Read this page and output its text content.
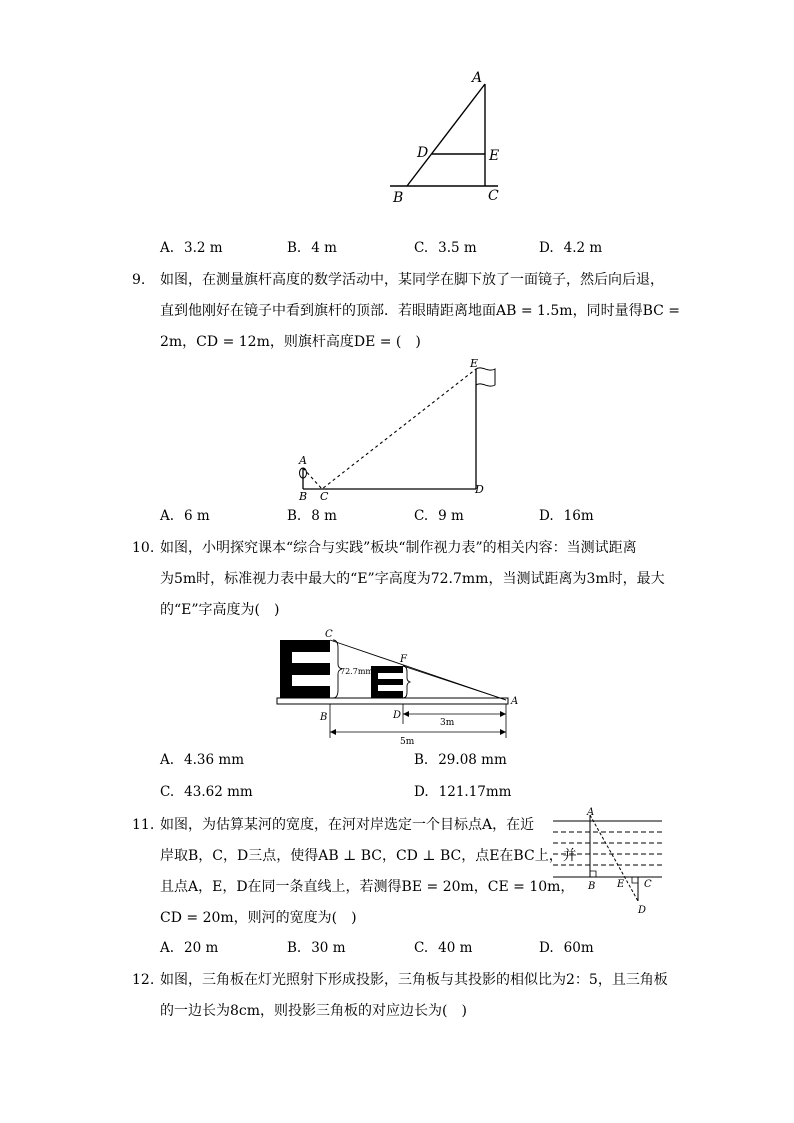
A
D	E
B	C
A. 3.2 m	B. 4 m	C. 3.5 m	D. 4.2 m
9.	如图，在测量旗杆高度的数学活动中，某同学在脚下放了一面镜子，然后向后退，
直到他刚好在镜子中看到旗杆的顶部．若眼睛距离地面AB = 1.5m，同时量得BC =
2m，CD = 12m，则旗杆高度DE = (　)
E
A
B C
D
A. 6 m	B. 8 m	C. 9 m	D. 16m
10. 如图，小明探究课本“综合与实践”板块“制作视力表”的相关内容：当测试距离
为5m时，标准视力表中最大的“E”字高度为72.7mm，当测试距离为3m时，最大
的“E”字高度为(　)
C
F
A
B	D
72.7mm
3m
5m
A. 4.36 mm	B. 29.08 mm
C. 43.62 mm	D. 121.17mm
11. 如图，为估算某河的宽度，在河对岸选定一个目标点A，在近
岸取B，C，D三点，使得AB ⊥ BC，CD ⊥ BC，点E在BC上，并
且点A，E，D在同一条直线上，若测得BE = 20m，CE = 10m，
CD = 20m，则河的宽度为(　)
A
B E C
D
A. 20 m	B. 30 m	C. 40 m	D. 60m
12. 如图，三角板在灯光照射下形成投影，三角板与其投影的相似比为2：5，且三角板
的一边长为8cm，则投影三角板的对应边长为(　)
